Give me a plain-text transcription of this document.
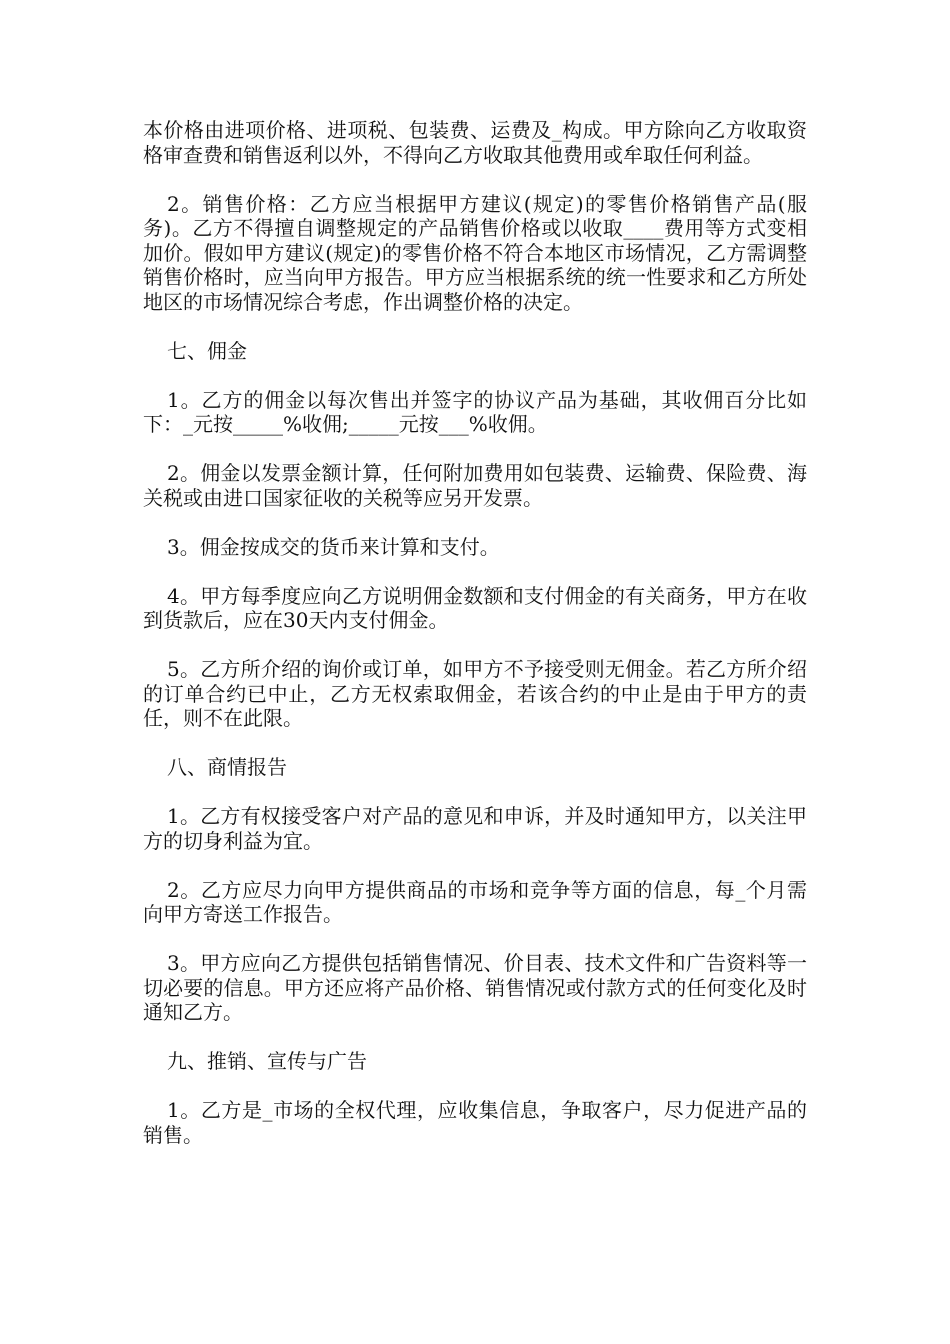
本价格由进项价格、进项税、包装费、运费及_构成。甲方除向乙方收取资格审查费和销售返利以外，不得向乙方收取其他费用或牟取任何利益。

2。销售价格：乙方应当根据甲方建议(规定)的零售价格销售产品(服务)。乙方不得擅自调整规定的产品销售价格或以收取____费用等方式变相加价。假如甲方建议(规定)的零售价格不符合本地区市场情况，乙方需调整销售价格时，应当向甲方报告。甲方应当根据系统的统一性要求和乙方所处地区的市场情况综合考虑，作出调整价格的决定。

七、佣金

1。乙方的佣金以每次售出并签字的协议产品为基础，其收佣百分比如下：_元按_____%收佣;_____元按___%收佣。

2。佣金以发票金额计算，任何附加费用如包装费、运输费、保险费、海关税或由进口国家征收的关税等应另开发票。

3。佣金按成交的货币来计算和支付。

4。甲方每季度应向乙方说明佣金数额和支付佣金的有关商务，甲方在收到货款后，应在30天内支付佣金。

5。乙方所介绍的询价或订单，如甲方不予接受则无佣金。若乙方所介绍的订单合约已中止，乙方无权索取佣金，若该合约的中止是由于甲方的责任，则不在此限。

八、商情报告

1。乙方有权接受客户对产品的意见和申诉，并及时通知甲方，以关注甲方的切身利益为宜。

2。乙方应尽力向甲方提供商品的市场和竞争等方面的信息，每_个月需向甲方寄送工作报告。

3。甲方应向乙方提供包括销售情况、价目表、技术文件和广告资料等一切必要的信息。甲方还应将产品价格、销售情况或付款方式的任何变化及时通知乙方。

九、推销、宣传与广告

1。乙方是_市场的全权代理，应收集信息，争取客户，尽力促进产品的销售。
